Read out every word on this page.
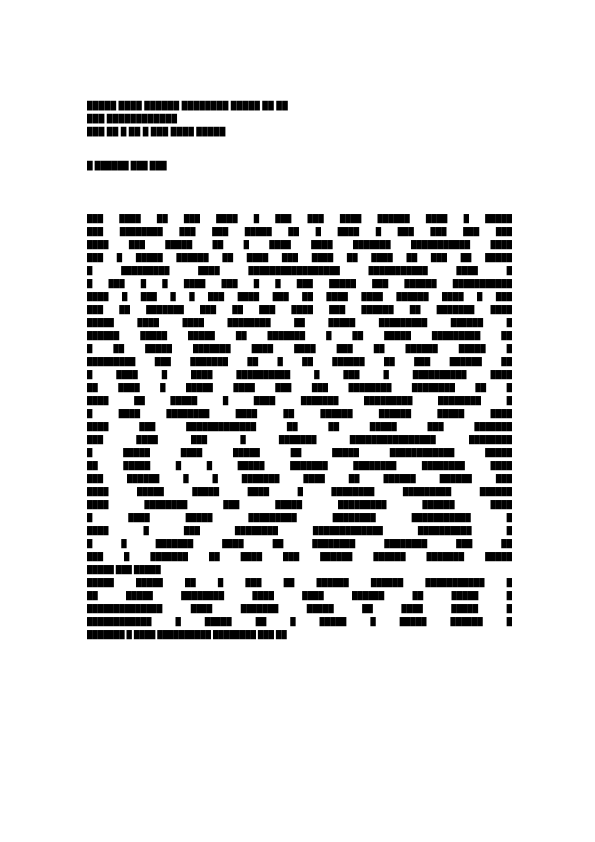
█████ ████ ██████ ████████ █████ ██ ██
███ ████████████
███ ██ █ ██ █ ███ ████ █████
█ ██████ ███ ███
███ ████ ██ ███ ████ █ ███ ███ ████ ██████ ████ █ █████
███ ████████ ███ ███ █████ ██ █ ████ █ ███ ███ ███ ███
████ ███ █████ ██ █ ████ ████ ███████ ███████████ ████
███ █ █████ ██████ ██ ████ ███ ████ ██ ████ ██ ███ ██ █████
█ █████████ ████ █████████████████ ███████████ ████ █
█ ███ █ █ ████ ███ █ █ ███ █████ ███ ██████ ███████████
████ █ ███ █ █ ███ ████ ███ ██ ████ ████ ██████ ████ █ ███
███ ██ ███████ ███ ██ ███ ████ ███ ██████ ██ ███████ ████
█████ ████ ████ ████████ ██ █████ █████████ ██████ █
██████ █████ █████ ██ ███████ █ ██ █████ █████████ ██
█ ██ █████ ███████ ████ ████ ███ ██ ██████ █████ █
█████████ ███ ███████ ██ █ ██ ██████ ██ ███ ██████ ██
█ ████ █ ████ ██████████ █ ███ █ ██████████ ████
██ ████ █ █████ ████ ███ ███ ████████ ████████ ██ █
████ ██ █████ █ ████ ███████ █████████ ████████ █
█ ████ ████████ ████ ██ ██████ ██████ █████ ████
████ ███ █████████████ ██ ██ █████ ███ ███████
███ ████ ███ █ ███████ ████████████████ ████████
█ █████ ████ █████ ██ █████ ████████████ █████
██ █████ █ █ █████ ███████ ████████ ████████ ████
███ ██████ █ █ ███████ ████ ██ ██████ ██████ ███
████ █████ █████ ████ █ ████████ █████████ ██████
████ ████████ ███ █████ █████████ ██████ ████
█ ████ █████ █████████ ████████ ███████████ █
████ █ ███ ████████ █████████████ ██████████ █
█ █ ███████ ████ ██ ████████ ████████ ███ ██
███ █ ███████ ██ ████ ███ ██████ ██████ ███████ █████
█████ ███ █████
█████ █████ ██ █ ███ ██ ██████ ██████ ███████████ █
██ █████ ████████ ████ ████ ██████ ██ █████ █
██████████████ ████ ███████ █████ ██ ████ █████ █
████████████ █ █████ ██ █ █████ █ █████ ██████ █
███████ █ ████ ██████████ ████████ ███ ██
